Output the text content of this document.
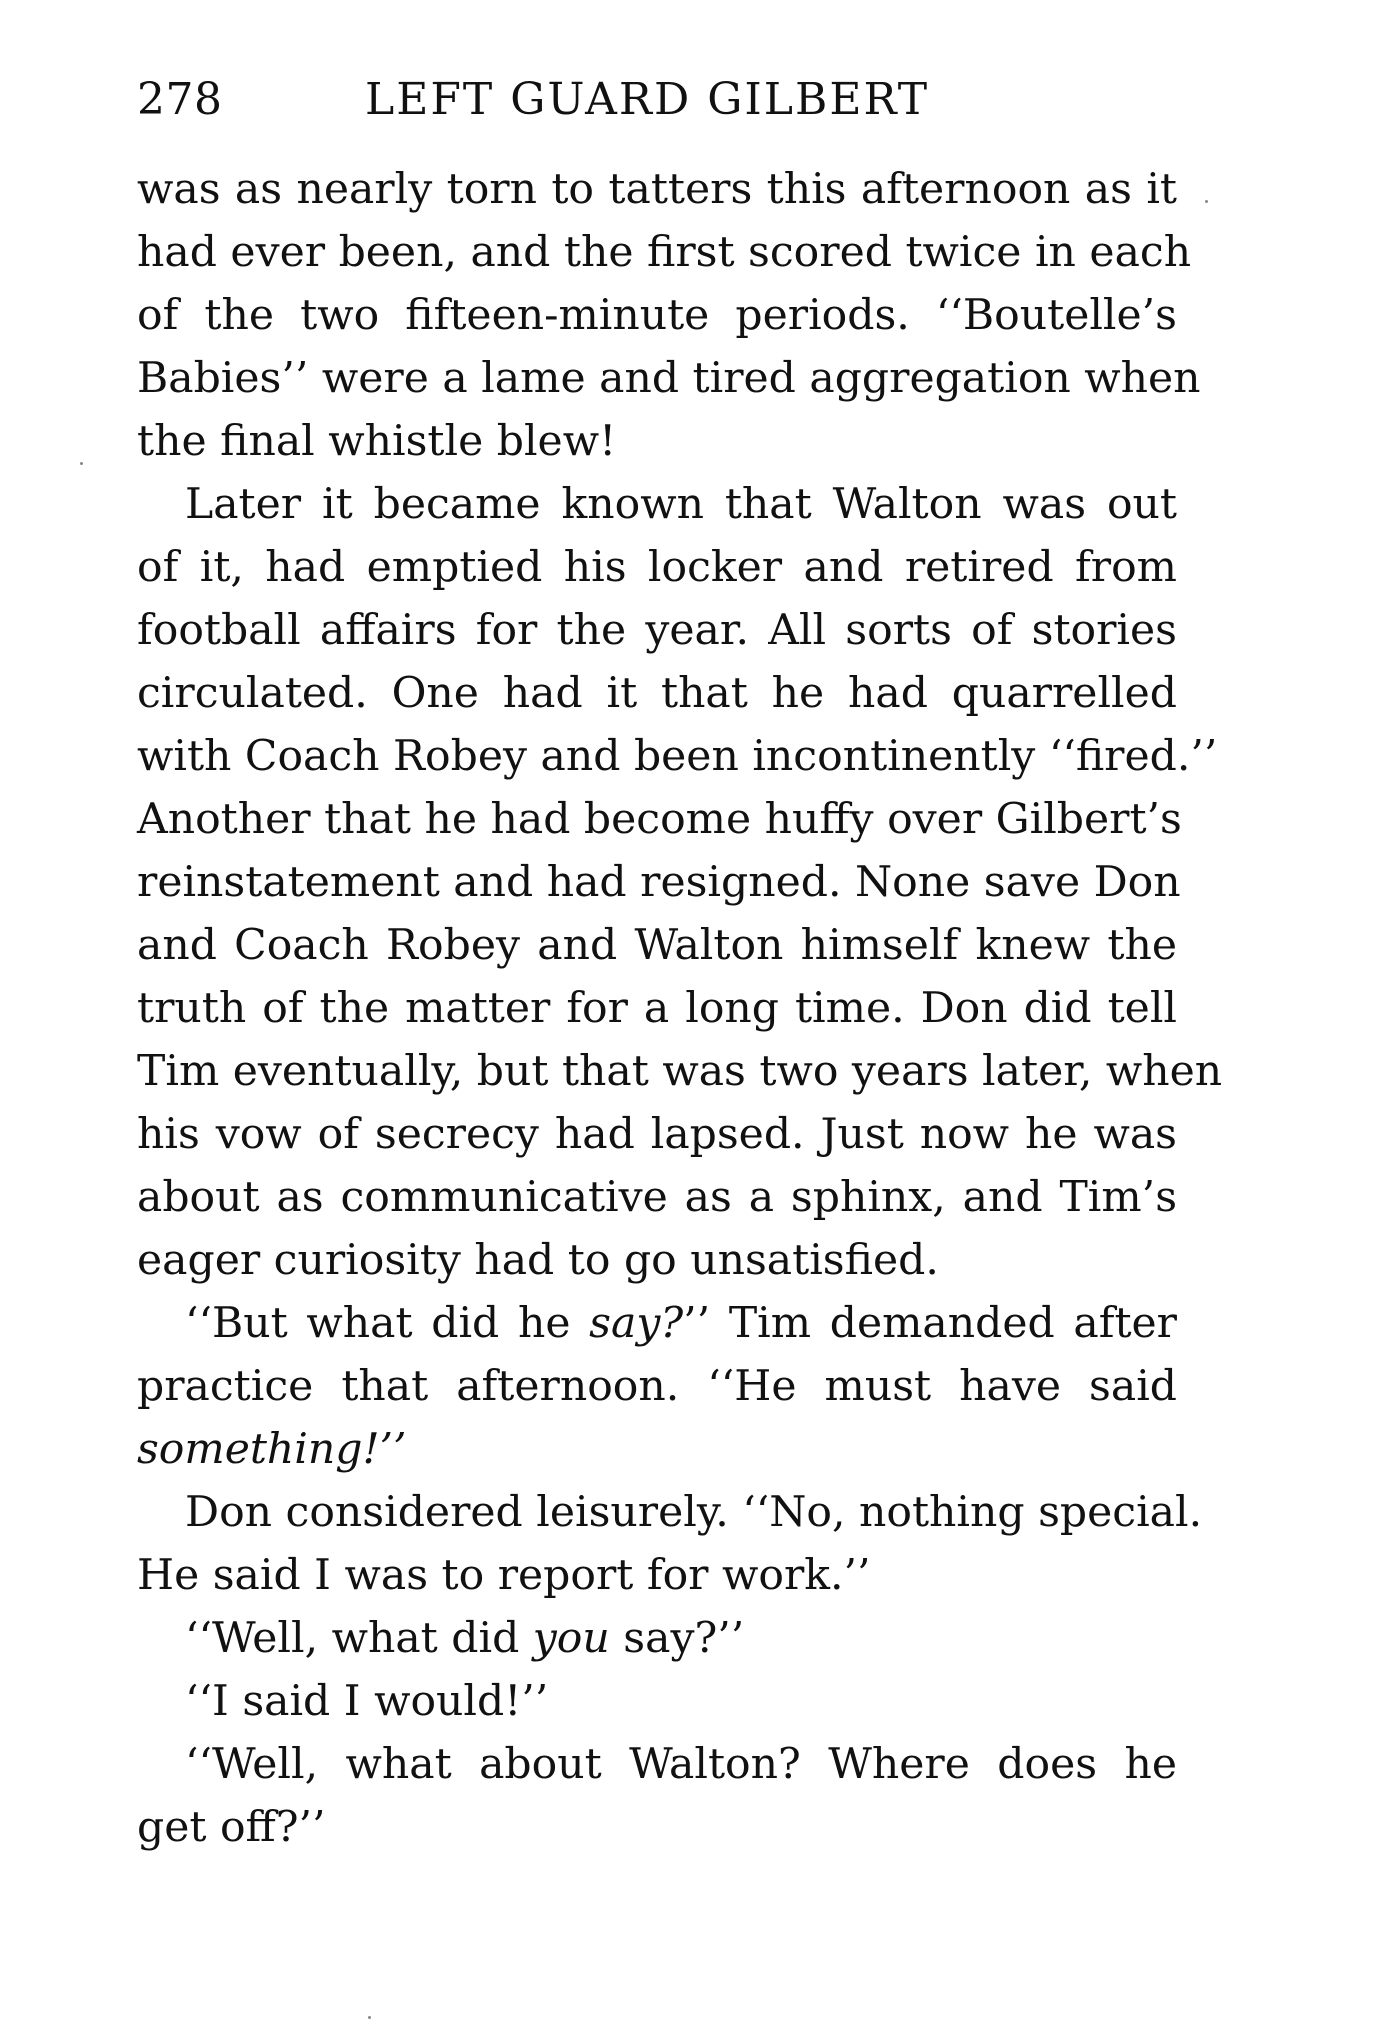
278	LEFT GUARD GILBERT
was as nearly torn to tatters this afternoon as it
had ever been, and the first scored twice in each
of the two fifteen-minute periods. ‘‘Boutelle’s
Babies’’ were a lame and tired aggregation when
the final whistle blew!
Later it became known that Walton was out
of it, had emptied his locker and retired from
football affairs for the year. All sorts of stories
circulated. One had it that he had quarrelled
with Coach Robey and been incontinently ‘‘fired.’’
Another that he had become huffy over Gilbert’s
reinstatement and had resigned. None save Don
and Coach Robey and Walton himself knew the
truth of the matter for a long time. Don did tell
Tim eventually, but that was two years later, when
his vow of secrecy had lapsed. Just now he was
about as communicative as a sphinx, and Tim’s
eager curiosity had to go unsatisfied.
‘‘But what did he say?’’ Tim demanded after
practice that afternoon. ‘‘He must have said
something!’’
Don considered leisurely. ‘‘No, nothing special.
He said I was to report for work.’’
‘‘Well, what did you say?’’
‘‘I said I would!’’
‘‘Well, what about Walton? Where does he
get off?’’
